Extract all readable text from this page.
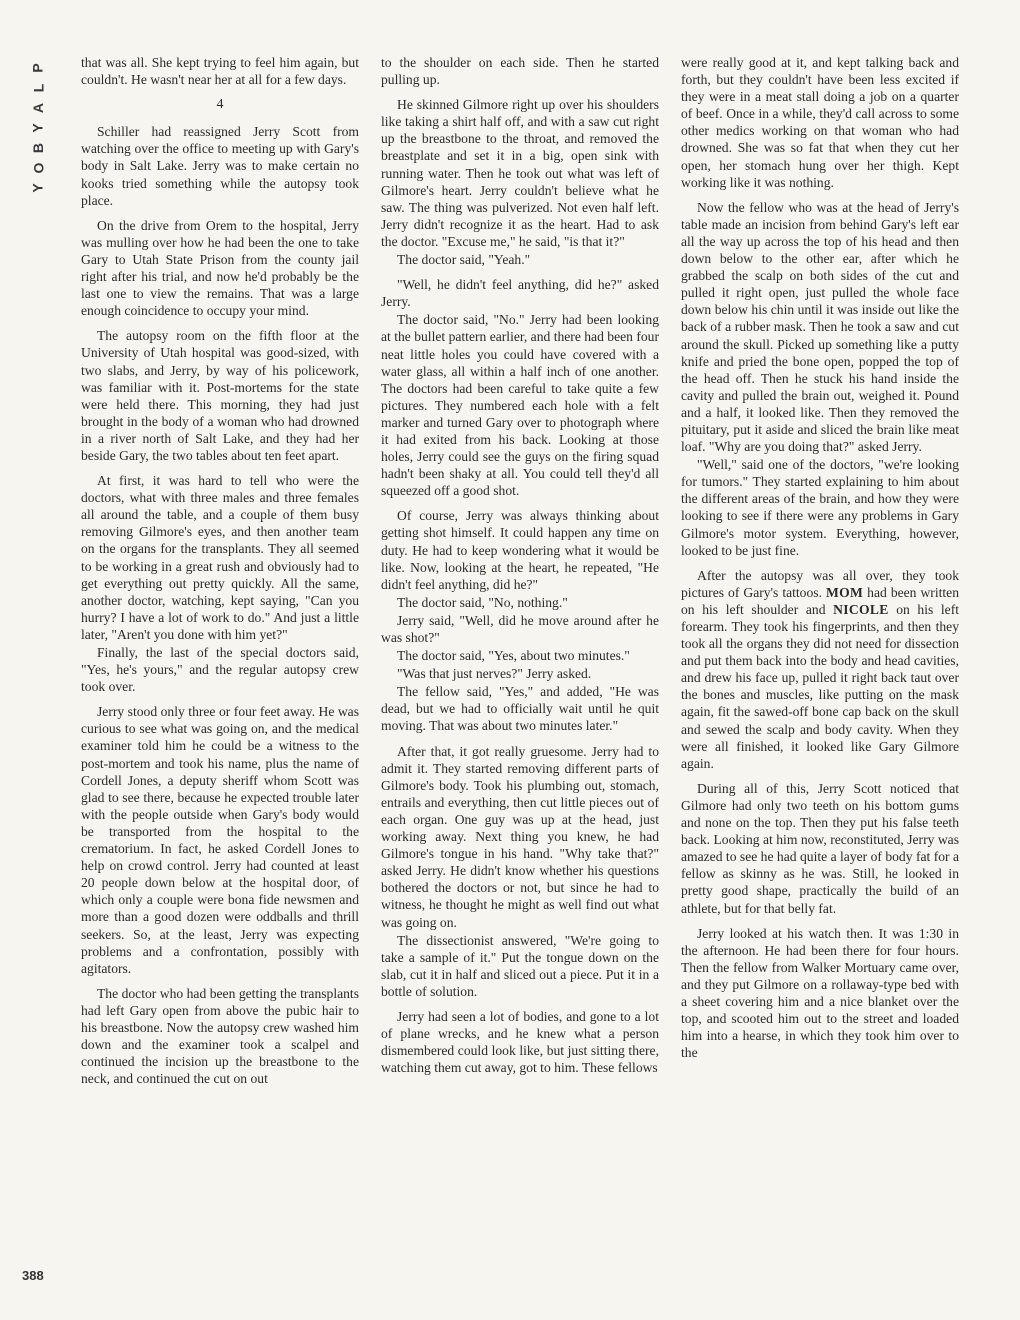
P
L
A
Y
B
O
Y
388

that was all. She kept trying to feel him again, but couldn't. He wasn't near her at all for a few days.

4

Schiller had reassigned Jerry Scott from watching over the office to meeting up with Gary's body in Salt Lake. Jerry was to make certain no kooks tried something while the autopsy took place.

On the drive from Orem to the hospital, Jerry was mulling over how he had been the one to take Gary to Utah State Prison from the county jail right after his trial, and now he'd probably be the last one to view the remains. That was a large enough coincidence to occupy your mind.

The autopsy room on the fifth floor at the University of Utah hospital was good-sized, with two slabs, and Jerry, by way of his policework, was familiar with it. Post-mortems for the state were held there. This morning, they had just brought in the body of a woman who had drowned in a river north of Salt Lake, and they had her beside Gary, the two tables about ten feet apart.

At first, it was hard to tell who were the doctors, what with three males and three females all around the table, and a couple of them busy removing Gilmore's eyes, and then another team on the organs for the transplants. They all seemed to be working in a great rush and obviously had to get everything out pretty quickly. All the same, another doctor, watching, kept saying, "Can you hurry? I have a lot of work to do." And just a little later, "Aren't you done with him yet?"

Finally, the last of the special doctors said, "Yes, he's yours," and the regular autopsy crew took over.

Jerry stood only three or four feet away. He was curious to see what was going on, and the medical examiner told him he could be a witness to the post-mortem and took his name, plus the name of Cordell Jones, a deputy sheriff whom Scott was glad to see there, because he expected trouble later with the people outside when Gary's body would be transported from the hospital to the crematorium. In fact, he asked Cordell Jones to help on crowd control. Jerry had counted at least 20 people down below at the hospital door, of which only a couple were bona fide newsmen and more than a good dozen were oddballs and thrill seekers. So, at the least, Jerry was expecting problems and a confrontation, possibly with agitators.

The doctor who had been getting the transplants had left Gary open from above the pubic hair to his breastbone. Now the autopsy crew washed him down and the examiner took a scalpel and continued the incision up the breastbone to the neck, and continued the cut on out

to the shoulder on each side. Then he started pulling up.

He skinned Gilmore right up over his shoulders like taking a shirt half off, and with a saw cut right up the breastbone to the throat, and removed the breastplate and set it in a big, open sink with running water. Then he took out what was left of Gilmore's heart. Jerry couldn't believe what he saw. The thing was pulverized. Not even half left. Jerry didn't recognize it as the heart. Had to ask the doctor. "Excuse me," he said, "is that it?"

The doctor said, "Yeah."

"Well, he didn't feel anything, did he?" asked Jerry.

The doctor said, "No." Jerry had been looking at the bullet pattern earlier, and there had been four neat little holes you could have covered with a water glass, all within a half inch of one another. The doctors had been careful to take quite a few pictures. They numbered each hole with a felt marker and turned Gary over to photograph where it had exited from his back. Looking at those holes, Jerry could see the guys on the firing squad hadn't been shaky at all. You could tell they'd all squeezed off a good shot.

Of course, Jerry was always thinking about getting shot himself. It could happen any time on duty. He had to keep wondering what it would be like. Now, looking at the heart, he repeated, "He didn't feel anything, did he?"

The doctor said, "No, nothing."

Jerry said, "Well, did he move around after he was shot?"

The doctor said, "Yes, about two minutes."

"Was that just nerves?" Jerry asked.

The fellow said, "Yes," and added, "He was dead, but we had to officially wait until he quit moving. That was about two minutes later."

After that, it got really gruesome. Jerry had to admit it. They started removing different parts of Gilmore's body. Took his plumbing out, stomach, entrails and everything, then cut little pieces out of each organ. One guy was up at the head, just working away. Next thing you knew, he had Gilmore's tongue in his hand. "Why take that?" asked Jerry. He didn't know whether his questions bothered the doctors or not, but since he had to witness, he thought he might as well find out what was going on.

The dissectionist answered, "We're going to take a sample of it." Put the tongue down on the slab, cut it in half and sliced out a piece. Put it in a bottle of solution.

Jerry had seen a lot of bodies, and gone to a lot of plane wrecks, and he knew what a person dismembered could look like, but just sitting there, watching them cut away, got to him. These fellows

were really good at it, and kept talking back and forth, but they couldn't have been less excited if they were in a meat stall doing a job on a quarter of beef. Once in a while, they'd call across to some other medics working on that woman who had drowned. She was so fat that when they cut her open, her stomach hung over her thigh. Kept working like it was nothing.

Now the fellow who was at the head of Jerry's table made an incision from behind Gary's left ear all the way up across the top of his head and then down below to the other ear, after which he grabbed the scalp on both sides of the cut and pulled it right open, just pulled the whole face down below his chin until it was inside out like the back of a rubber mask. Then he took a saw and cut around the skull. Picked up something like a putty knife and pried the bone open, popped the top of the head off. Then he stuck his hand inside the cavity and pulled the brain out, weighed it. Pound and a half, it looked like. Then they removed the pituitary, put it aside and sliced the brain like meat loaf. "Why are you doing that?" asked Jerry.

"Well," said one of the doctors, "we're looking for tumors." They started explaining to him about the different areas of the brain, and how they were looking to see if there were any problems in Gary Gilmore's motor system. Everything, however, looked to be just fine.

After the autopsy was all over, they took pictures of Gary's tattoos. MOM had been written on his left shoulder and NICOLE on his left forearm. They took his fingerprints, and then they took all the organs they did not need for dissection and put them back into the body and head cavities, and drew his face up, pulled it right back taut over the bones and muscles, like putting on the mask again, fit the sawed-off bone cap back on the skull and sewed the scalp and body cavity. When they were all finished, it looked like Gary Gilmore again.

During all of this, Jerry Scott noticed that Gilmore had only two teeth on his bottom gums and none on the top. Then they put his false teeth back. Looking at him now, reconstituted, Jerry was amazed to see he had quite a layer of body fat for a fellow as skinny as he was. Still, he looked in pretty good shape, practically the build of an athlete, but for that belly fat.

Jerry looked at his watch then. It was 1:30 in the afternoon. He had been there for four hours. Then the fellow from Walker Mortuary came over, and they put Gilmore on a rollaway-type bed with a sheet covering him and a nice blanket over the top, and scooted him out to the street and loaded him into a hearse, in which they took him over to the
